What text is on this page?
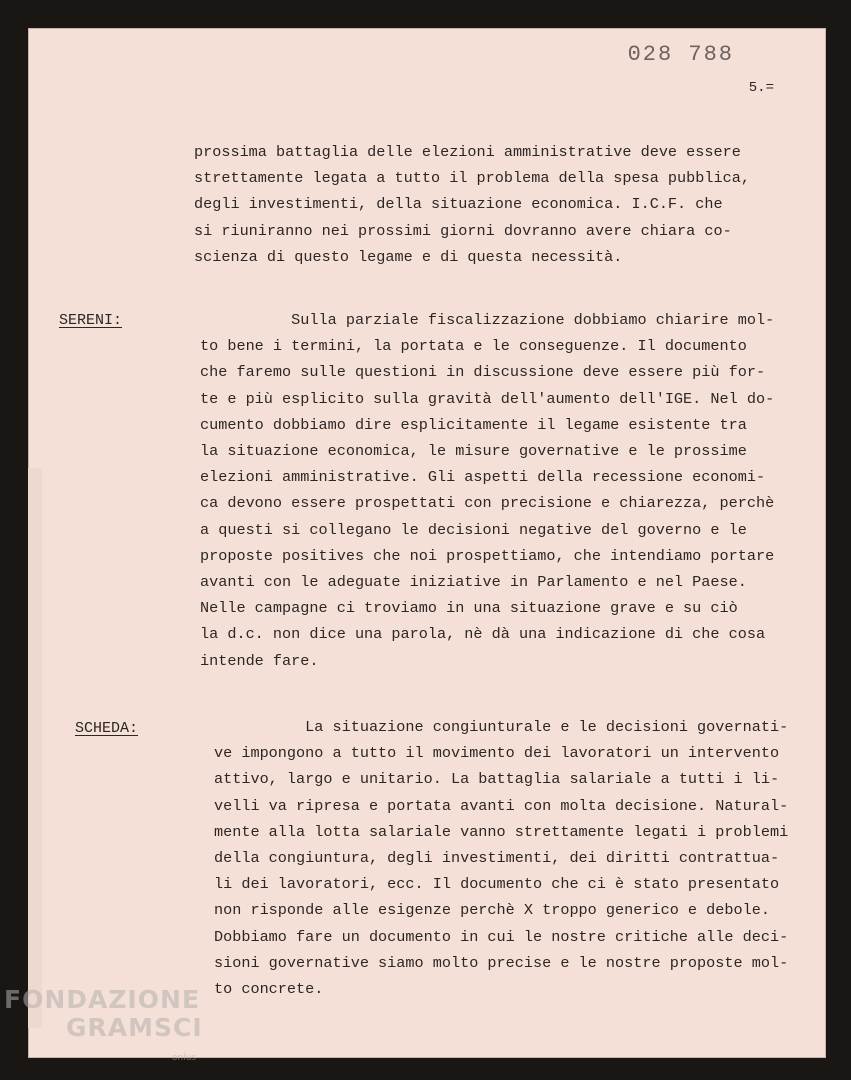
028 788
5.=
prossima battaglia delle elezioni amministrative deve essere
strettamente legata a tutto il problema della spesa pubblica,
degli investimenti, della situazione economica. I.C.F. che
si riuniranno nei prossimi giorni dovranno avere chiara co-
scienza di questo legame e di questa necessità.
SERENI:	Sulla parziale fiscalizzazione dobbiamo chiarire mol-
to bene i termini, la portata e le conseguenze. Il documento
che faremo sulle questioni in discussione deve essere più for-
te e più esplicito sulla gravità dell'aumento dell'IGE. Nel do-
cumento dobbiamo dire esplicitamente il legame esistente tra
la situazione economica, le misure governative e le prossime
elezioni amministrative. Gli aspetti della recessione economi-
ca devono essere prospettati con precisione e chiarezza, perchè
a questi si collegano le decisioni negative del governo e le
proposte positives che noi prospettiamo, che intendiamo portare
avanti con le adeguate iniziative in Parlamento e nel Paese.
Nelle campagne ci troviamo in una situazione grave e su ciò
la d.c. non dice una parola, nè dà una indicazione di che cosa
intende fare.
SCHEDA:	La situazione congiunturale e le decisioni governati-
ve impongono a tutto il movimento dei lavoratori un intervento
attivo, largo e unitario. La battaglia salariale a tutti i li-
velli va ripresa e portata avanti con molta decisione. Natural-
mente alla lotta salariale vanno strettamente legati i problemi
della congiuntura, degli investimenti, dei diritti contrattua-
li dei lavoratori, ecc. Il documento che ci è stato presentato
non risponde alle esigenze perchè X troppo generico e debole.
Dobbiamo fare un documento in cui le nostre critiche alle deci-
sioni governative siamo molto precise e le nostre proposte mol-
to concrete.
FONDAZIONE
GRAMSCI
onlus
